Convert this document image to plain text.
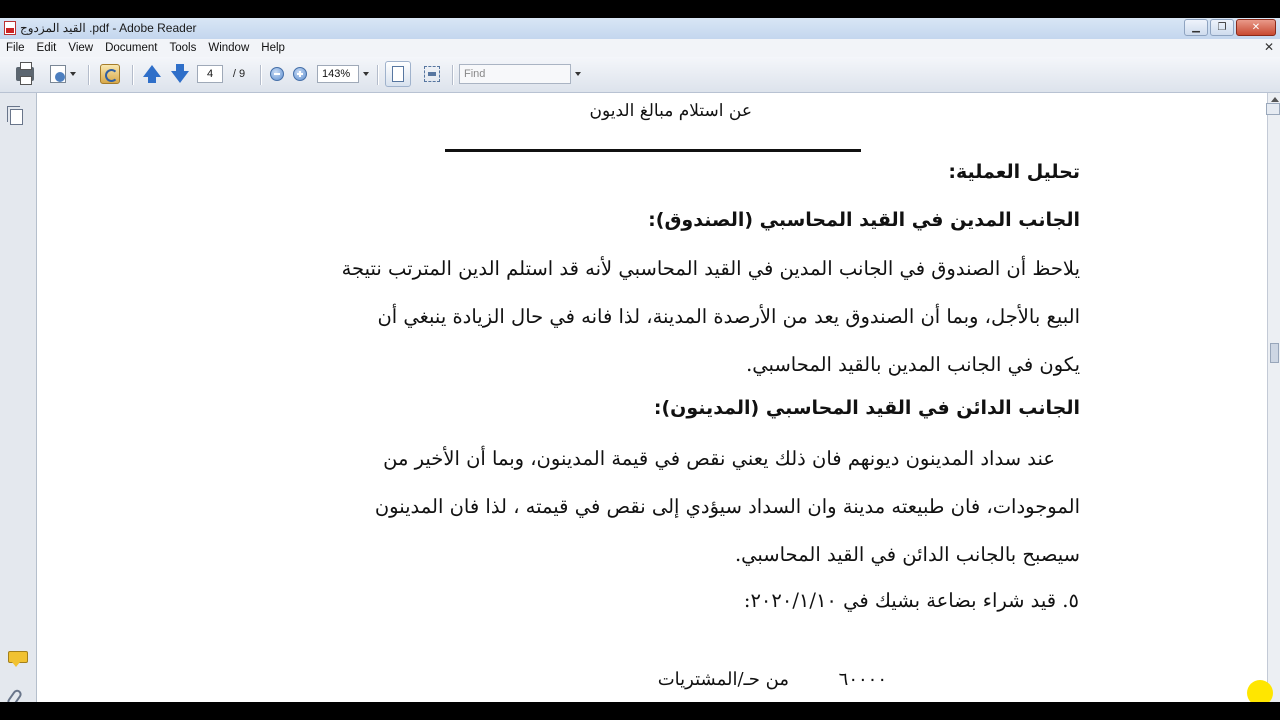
القيد المزدوج .pdf - Adobe Reader	▁	❐	✕
File	Edit	View	Document	Tools	Window	Help	✕
4	/ 9	143%	Find
عن استلام مبالغ الديون
تحليل العملية:
الجانب المدين في القيد المحاسبي (الصندوق):
يلاحظ أن الصندوق في الجانب المدين في القيد المحاسبي لأنه قد استلم الدين المترتب نتيجة
البيع بالأجل، وبما أن الصندوق يعد من الأرصدة المدينة، لذا فانه في حال الزيادة ينبغي أن
يكون في الجانب المدين بالقيد المحاسبي.
الجانب الدائن في القيد المحاسبي (المدينون):
عند سداد المدينون ديونهم فان ذلك يعني نقص في قيمة المدينون، وبما أن الأخير من
الموجودات، فان طبيعته مدينة وان السداد سيؤدي إلى نقص في قيمته ، لذا فان المدينون
سيصبح بالجانب الدائن في القيد المحاسبي.
٥. قيد شراء بضاعة بشيك في ٢٠٢٠/١/١٠:
٦٠٠٠٠
من حـ/المشتريات
